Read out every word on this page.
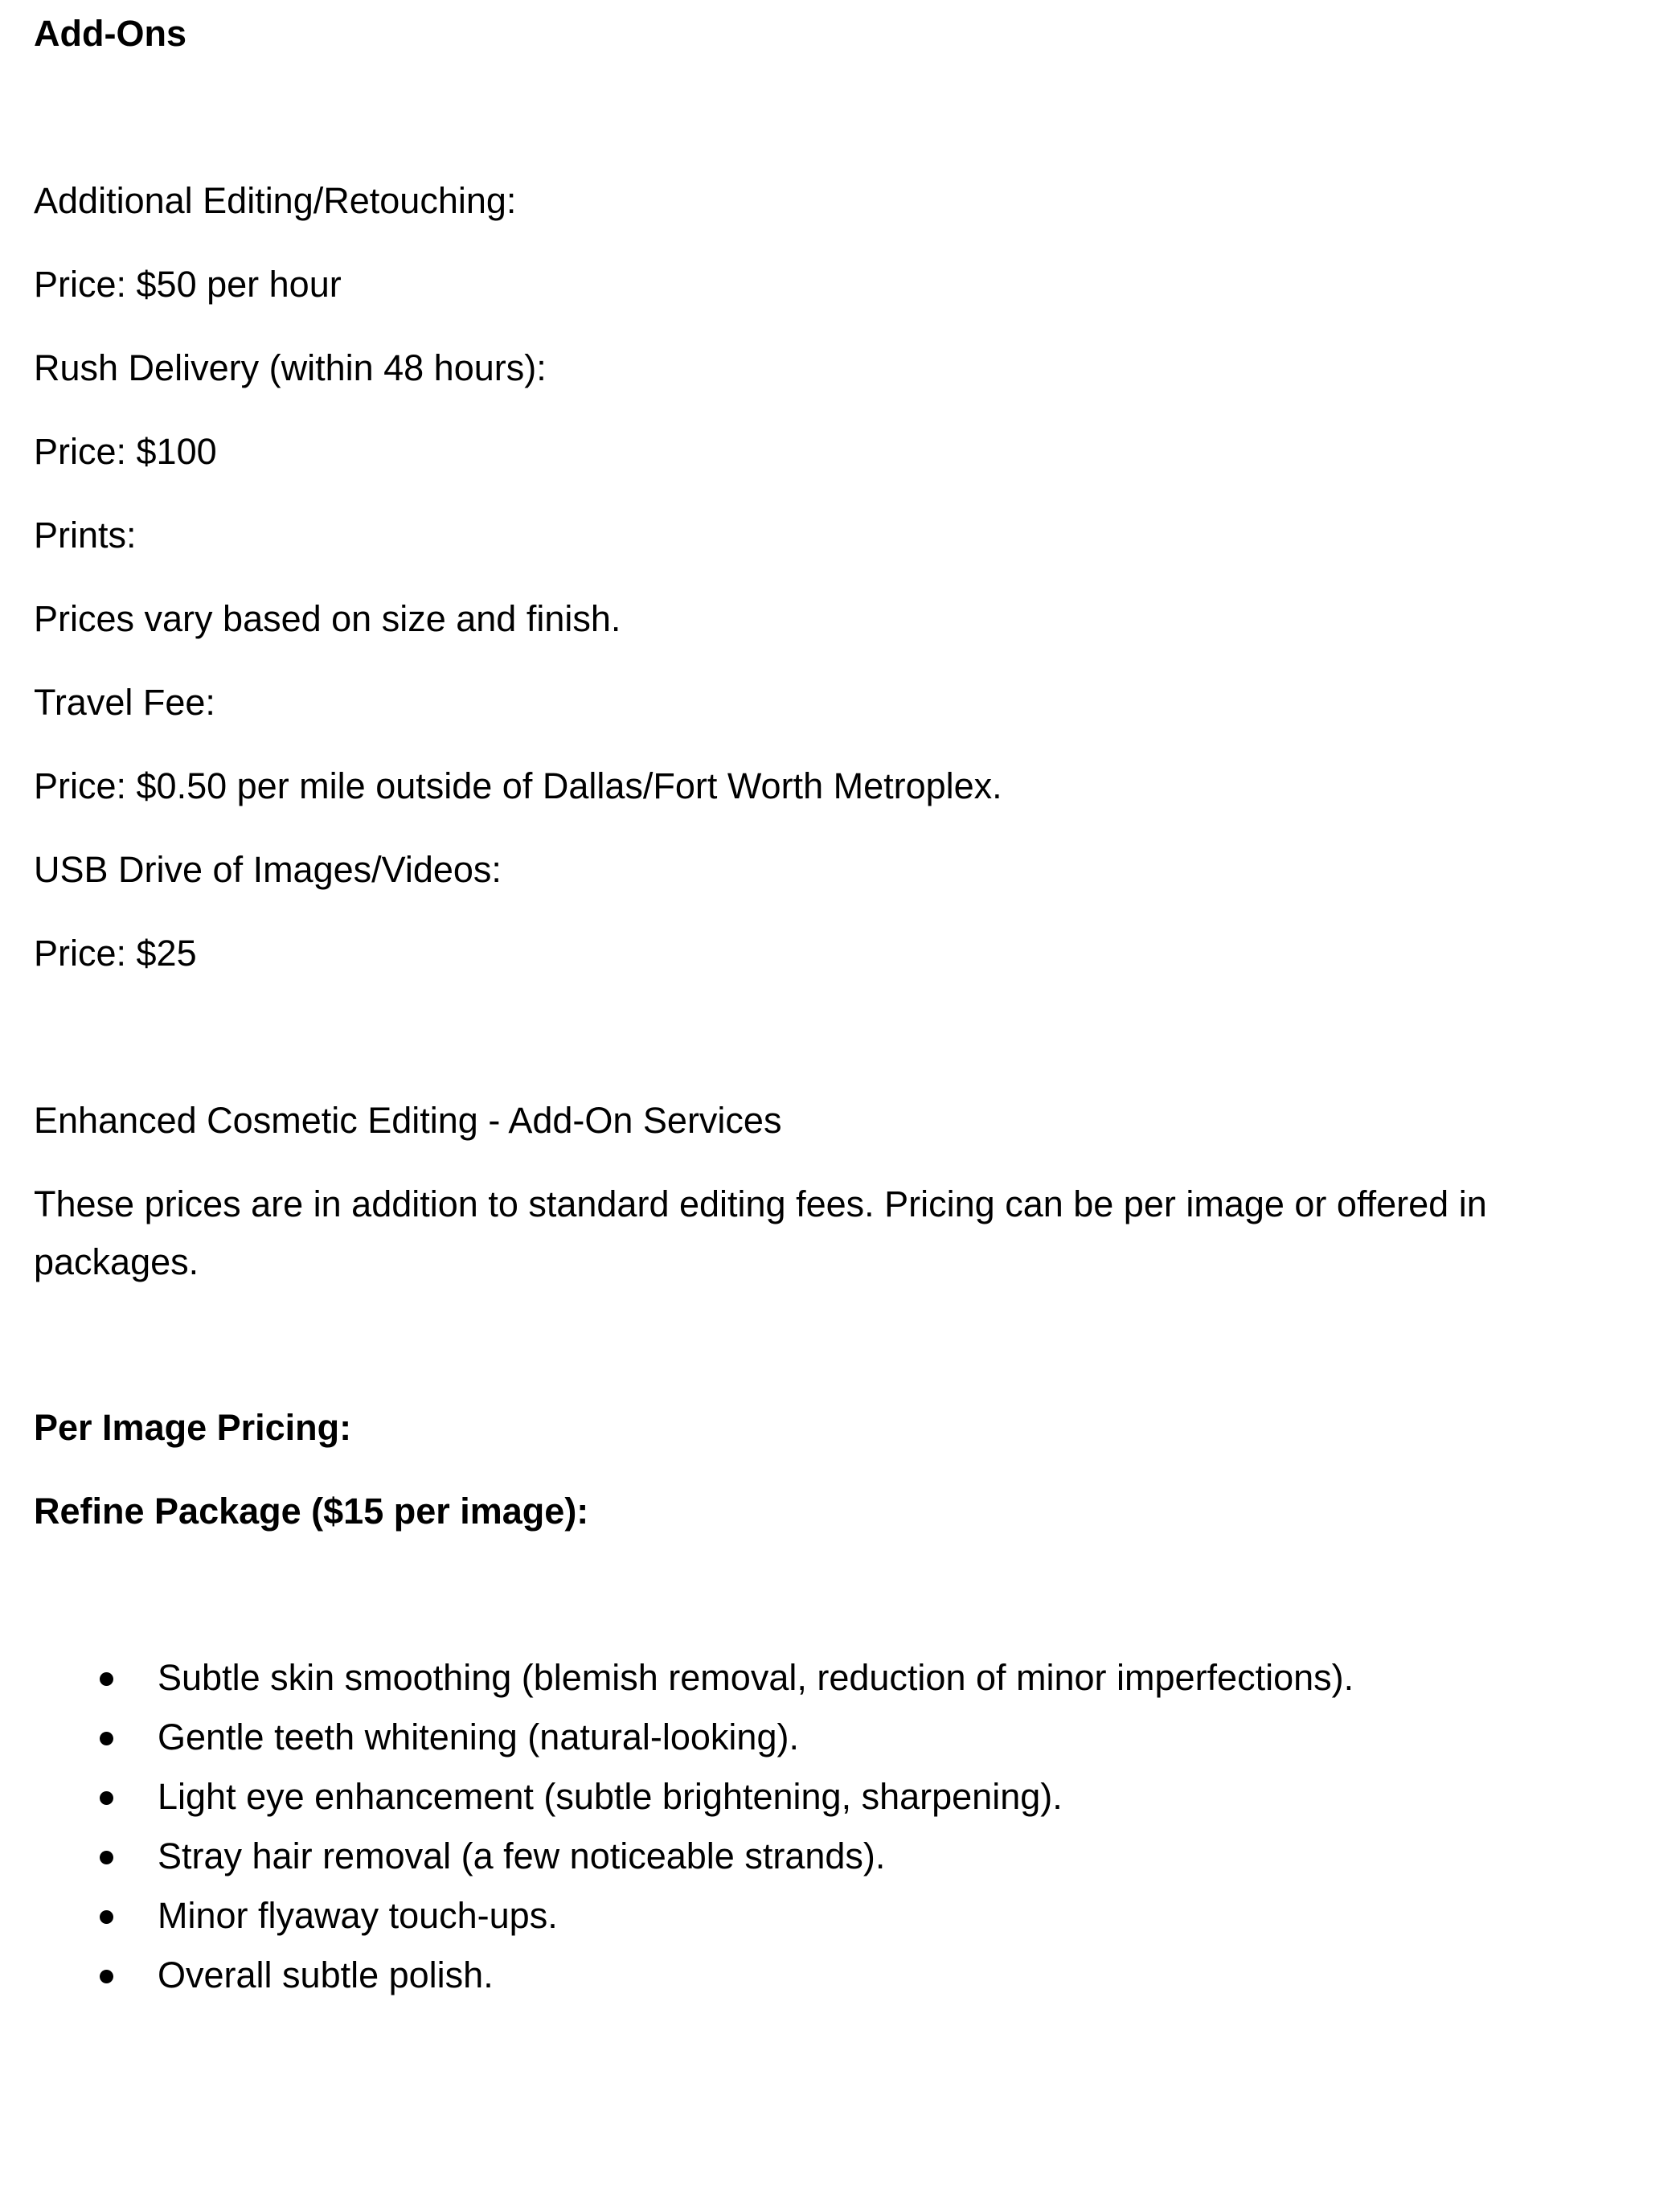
Add-Ons

Additional Editing/Retouching:

Price: $50 per hour

Rush Delivery (within 48 hours):

Price: $100

Prints:

Prices vary based on size and finish.

Travel Fee:

Price: $0.50 per mile outside of Dallas/Fort Worth Metroplex.

USB Drive of Images/Videos:

Price: $25

Enhanced Cosmetic Editing - Add-On Services

These prices are in addition to standard editing fees. Pricing can be per image or offered in packages.

Per Image Pricing:

Refine Package ($15 per image):

Subtle skin smoothing (blemish removal, reduction of minor imperfections).
Gentle teeth whitening (natural-looking).
Light eye enhancement (subtle brightening, sharpening).
Stray hair removal (a few noticeable strands).
Minor flyaway touch-ups.
Overall subtle polish.
